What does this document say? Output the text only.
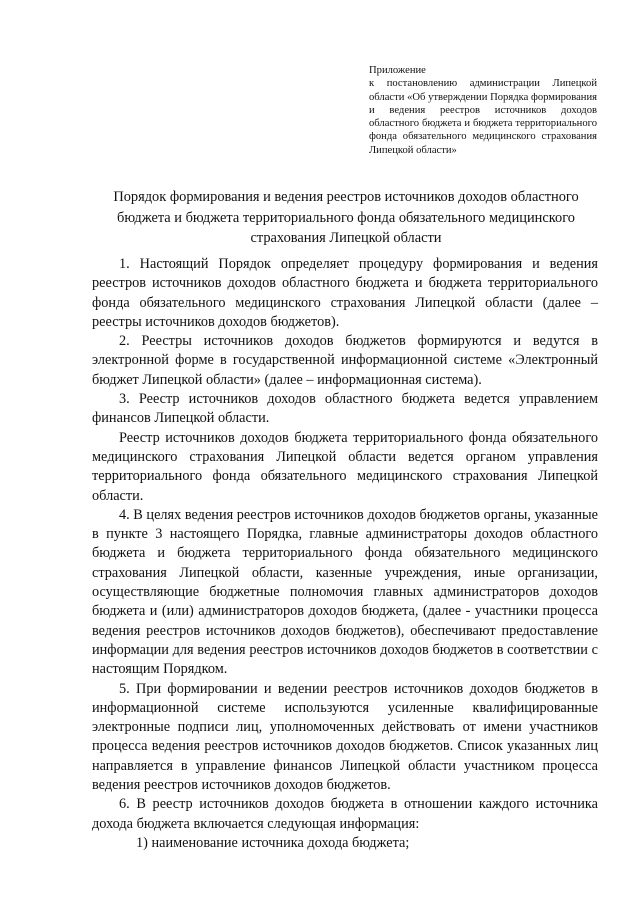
Приложение
к постановлению администрации Липецкой области «Об утверждении Порядка формирования и ведения реестров источников доходов областного бюджета и бюджета территориального фонда обязательного медицинского страхования Липецкой области»
Порядок формирования и ведения реестров источников доходов областного бюджета и бюджета территориального фонда обязательного медицинского страхования Липецкой области

1. Настоящий Порядок определяет процедуру формирования и ведения реестров источников доходов областного бюджета и бюджета территориального фонда обязательного медицинского страхования Липецкой области (далее – реестры источников доходов бюджетов).

2. Реестры источников доходов бюджетов формируются и ведутся в электронной форме в государственной информационной системе «Электронный бюджет Липецкой области» (далее – информационная система).

3. Реестр источников доходов областного бюджета ведется управлением финансов Липецкой области.

Реестр источников доходов бюджета территориального фонда обязательного медицинского страхования Липецкой области ведется органом управления территориального фонда обязательного медицинского страхования Липецкой области.

4. В целях ведения реестров источников доходов бюджетов органы, указанные в пункте 3 настоящего Порядка, главные администраторы доходов областного бюджета и бюджета территориального фонда обязательного медицинского страхования Липецкой области, казенные учреждения, иные организации, осуществляющие бюджетные полномочия главных администраторов доходов бюджета и (или) администраторов доходов бюджета, (далее - участники процесса ведения реестров источников доходов бюджетов), обеспечивают предоставление информации для ведения реестров источников доходов бюджетов в соответствии с настоящим Порядком.

5. При формировании и ведении реестров источников доходов бюджетов в информационной системе используются усиленные квалифицированные электронные подписи лиц, уполномоченных действовать от имени участников процесса ведения реестров источников доходов бюджетов. Список указанных лиц направляется в управление финансов Липецкой области участником процесса ведения реестров источников доходов бюджетов.

6. В реестр источников доходов бюджета в отношении каждого источника дохода бюджета включается следующая информация:

1) наименование источника дохода бюджета;
